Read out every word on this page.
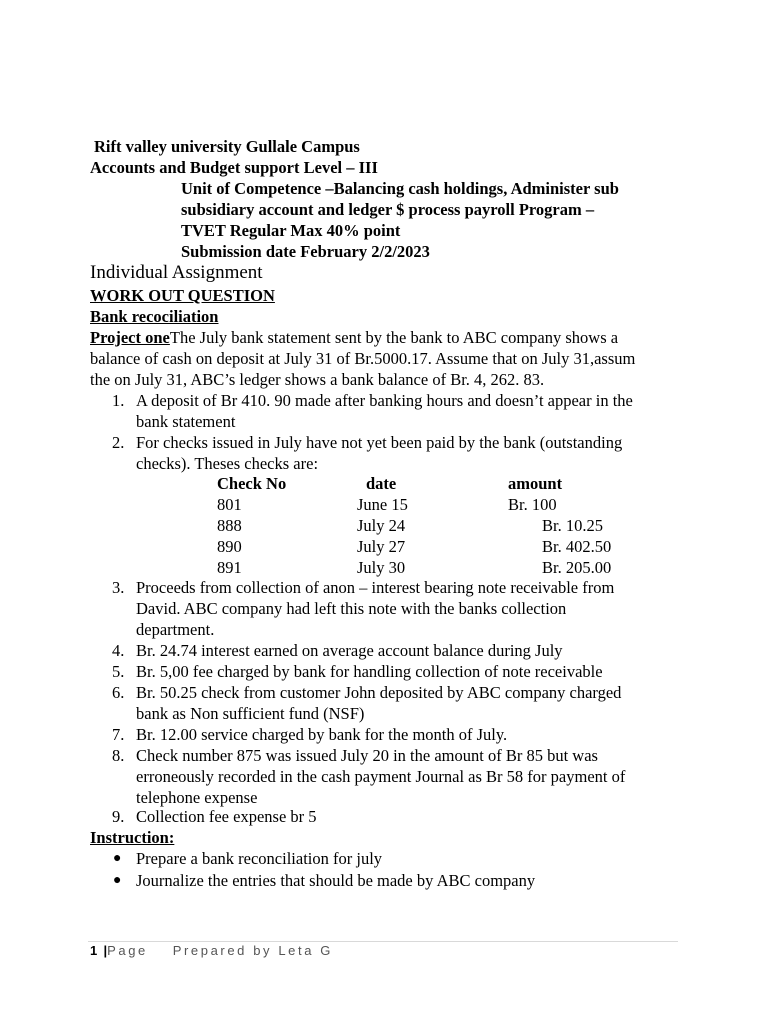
Rift valley university Gullale Campus
Accounts and Budget support Level – III
Unit of Competence –Balancing cash holdings, Administer sub
subsidiary account and ledger $ process payroll Program –
TVET Regular Max 40% point
Submission date February 2/2/2023
Individual Assignment
WORK OUT QUESTION
Bank recociliation
Project oneThe July bank statement sent by the bank to ABC company shows a
balance of cash on deposit at July 31 of Br.5000.17. Assume that on July 31,assum
the on July 31, ABC’s ledger shows a bank balance of Br. 4, 262. 83.
1. A deposit of Br 410. 90 made after banking hours and doesn’t appear in the
bank statement
2. For checks issued in July have not yet been paid by the bank (outstanding
checks). Theses checks are:
Check No	date	amount
801	June 15	Br. 100
888	July 24	Br. 10.25
890	July 27	Br. 402.50
891	July 30	Br. 205.00
3. Proceeds from collection of anon – interest bearing note receivable from
David. ABC company had left this note with the banks collection
department.
4. Br. 24.74 interest earned on average account balance during July
5. Br. 5,00 fee charged by bank for handling collection of note receivable
6. Br. 50.25 check from customer John deposited by ABC company charged
bank as Non sufficient fund (NSF)
7. Br. 12.00 service charged by bank for the month of July.
8. Check number 875 was issued July 20 in the amount of Br 85 but was
erroneously recorded in the cash payment Journal as Br 58 for payment of
telephone expense
9. Collection fee expense br 5
Instruction:
● Prepare a bank reconciliation for july
● Journalize the entries that should be made by ABC company
1 |Page Prepared by Leta G
